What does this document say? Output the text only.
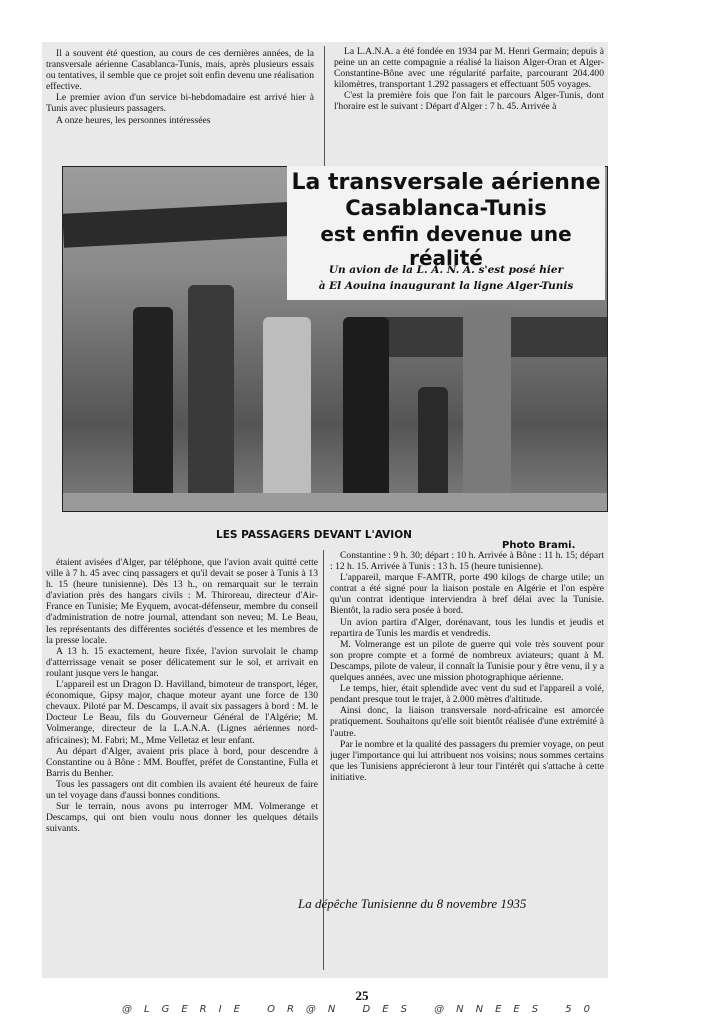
Il a souvent été question, au cours de ces dernières années, de la transversale aérienne Casablanca-Tunis, mais, après plusieurs essais ou tentatives, il semble que ce projet soit enfin devenu une réalisation effective.
Le premier avion d'un service bi-hebdomadaire est arrivé hier à Tunis avec plusieurs passagers.
A onze heures, les personnes intéressées
La L.A.N.A. a été fondée en 1934 par M. Henri Germain; depuis à peine un an cette compagnie a réalisé la liaison Alger-Oran et Alger-Constantine-Bône avec une régularité parfaite, parcourant 204.400 kilomètres, transportant 1.292 passagers et effectuant 505 voyages.
C'est la première fois que l'on fait le parcours Alger-Tunis, dont l'horaire est le suivant : Départ d'Alger : 7 h. 45. Arrivée à
La transversale aérienne
Casablanca-Tunis
est enfin devenue une réalité
Un avion de la L. A. N. A. s'est posé hier
à El Aouina inaugurant la ligne Alger-Tunis
LES PASSAGERS DEVANT L'AVION
Photo Brami.
étaient avisées d'Alger, par téléphone, que l'avion avait quitté cette ville à 7 h. 45 avec cinq passagers et qu'il devait se poser à Tunis à 13 h. 15 (heure tunisienne). Dès 13 h., on remarquait sur le terrain d'aviation près des hangars civils : M. Thiroreau, directeur d'Air-France en Tunisie; Me Eyquem, avocat-défenseur, membre du conseil d'administration de notre journal, attendant son neveu; M. Le Beau, les représentants des différentes sociétés d'essence et les membres de la presse locale.
A 13 h. 15 exactement, heure fixée, l'avion survolait le champ d'atterrissage venait se poser délicatement sur le sol, et arrivait en roulant jusque vers le hangar.
L'appareil est un Dragon D. Havilland, bimoteur de transport, léger, économique, Gipsy major, chaque moteur ayant une force de 130 chevaux. Piloté par M. Descamps, il avait six passagers à bord : M. le Docteur Le Beau, fils du Gouverneur Général de l'Algérie; M. Volmerange, directeur de la L.A.N.A. (Lignes aériennes nord-africaines); M. Fabri; M., Mme Velletaz et leur enfant.
Au départ d'Alger, avaient pris place à bord, pour descendre à Constantine ou à Bône : MM. Bouffet, préfet de Constantine, Fulla et Barris du Benher.
Tous les passagers ont dit combien ils avaient été heureux de faire un tel voyage dans d'aussi bonnes conditions.
Sur le terrain, nous avons pu interroger MM. Volmerange et Descamps, qui ont bien voulu nous donner les quelques détails suivants.
Constantine : 9 h. 30; départ : 10 h. Arrivée à Bône : 11 h. 15; départ : 12 h. 15. Arrivée à Tunis : 13 h. 15 (heure tunisienne).
L'appareil, marque F-AMTR, porte 490 kilogs de charge utile; un contrat a été signé pour la liaison postale en Algérie et l'on espère qu'un contrat identique interviendra à bref délai avec la Tunisie. Bientôt, la radio sera posée à bord.
Un avion partira d'Alger, dorénavant, tous les lundis et jeudis et repartira de Tunis les mardis et vendredis.
M. Volmerange est un pilote de guerre qui vole très souvent pour son propre compte et a formé de nombreux aviateurs; quant à M. Descamps, pilote de valeur, il connaît la Tunisie pour y être venu, il y a quelques années, avec une mission photographique aérienne.
Le temps, hier, était splendide avec vent du sud et l'appareil a volé, pendant presque tout le trajet, à 2.000 mètres d'altitude.
Ainsi donc, la liaison transversale nord-africaine est amorcée pratiquement. Souhaitons qu'elle soit bientôt réalisée d'une extrémité à l'autre.
Par le nombre et la qualité des passagers du premier voyage, on peut juger l'importance qui lui attribuent nos voisins; nous sommes certains que les Tunisiens apprécieront à leur tour l'intérêt qui s'attache à cette initiative.
La dépêche Tunisienne du 8 novembre 1935
25
@LGERIE OR@N DES @NNEES 50
